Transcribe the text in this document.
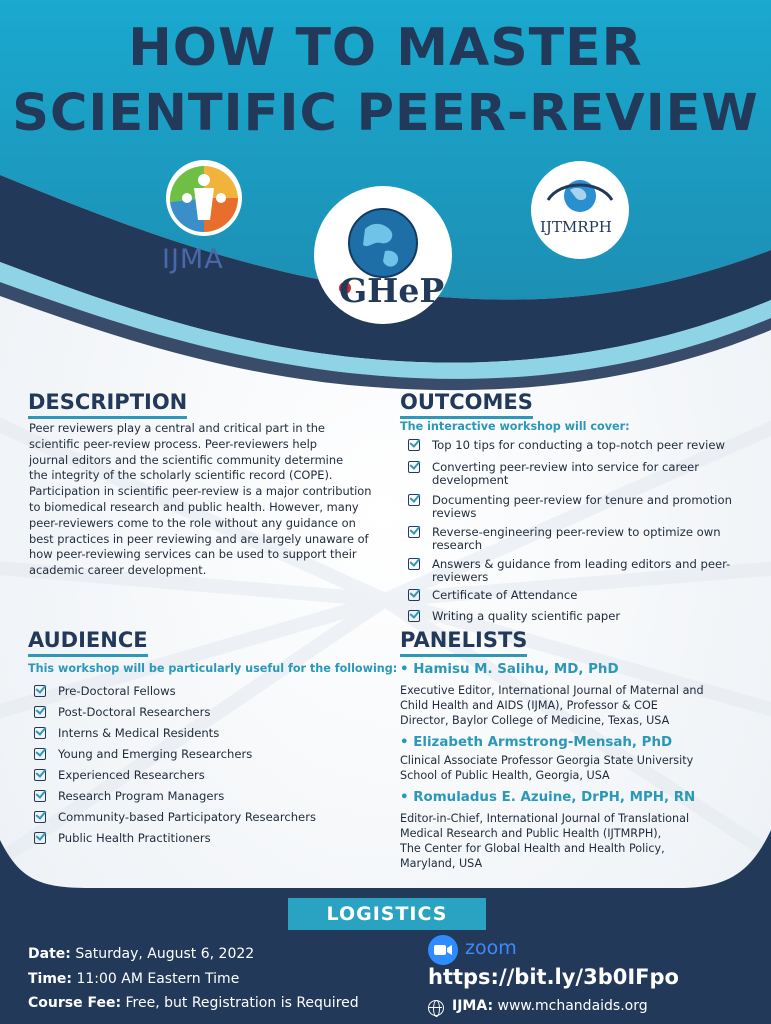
HOW TO MASTER
SCIENTIFIC PEER-REVIEW
IJMA
GHeP
IJTMRPH
DESCRIPTION
Peer reviewers play a central and critical part in the
scientific peer-review process. Peer-reviewers help
journal editors and the scientific community determine
the integrity of the scholarly scientific record (COPE).
Participation in scientific peer-review is a major contribution
to biomedical research and public health. However, many
peer-reviewers come to the role without any guidance on
best practices in peer reviewing and are largely unaware of
how peer-reviewing services can be used to support their
academic career development.
OUTCOMES
The interactive workshop will cover:
Top 10 tips for conducting a top-notch peer review
Converting peer-review into service for career development
Documenting peer-review for tenure and promotion reviews
Reverse-engineering peer-review to optimize own research
Answers & guidance from leading editors and peer-reviewers
Certificate of Attendance
Writing a quality scientific paper
AUDIENCE
This workshop will be particularly useful for the following:
Pre-Doctoral Fellows
Post-Doctoral Researchers
Interns & Medical Residents
Young and Emerging Researchers
Experienced Researchers
Research Program Managers
Community-based Participatory Researchers
Public Health Practitioners
PANELISTS
• Hamisu M. Salihu, MD, PhD
Executive Editor, International Journal of Maternal and
Child Health and AIDS (IJMA), Professor & COE
Director, Baylor College of Medicine, Texas, USA
• Elizabeth Armstrong-Mensah, PhD
Clinical Associate Professor Georgia State University
School of Public Health, Georgia, USA
• Romuladus E. Azuine, DrPH, MPH, RN
Editor-in-Chief, International Journal of Translational
Medical Research and Public Health (IJTMRPH),
The Center for Global Health and Health Policy,
Maryland, USA
LOGISTICS
Date: Saturday, August 6, 2022
Time: 11:00 AM Eastern Time
Course Fee: Free, but Registration is Required
zoom
https://bit.ly/3b0IFpo
IJMA: www.mchandaids.org
